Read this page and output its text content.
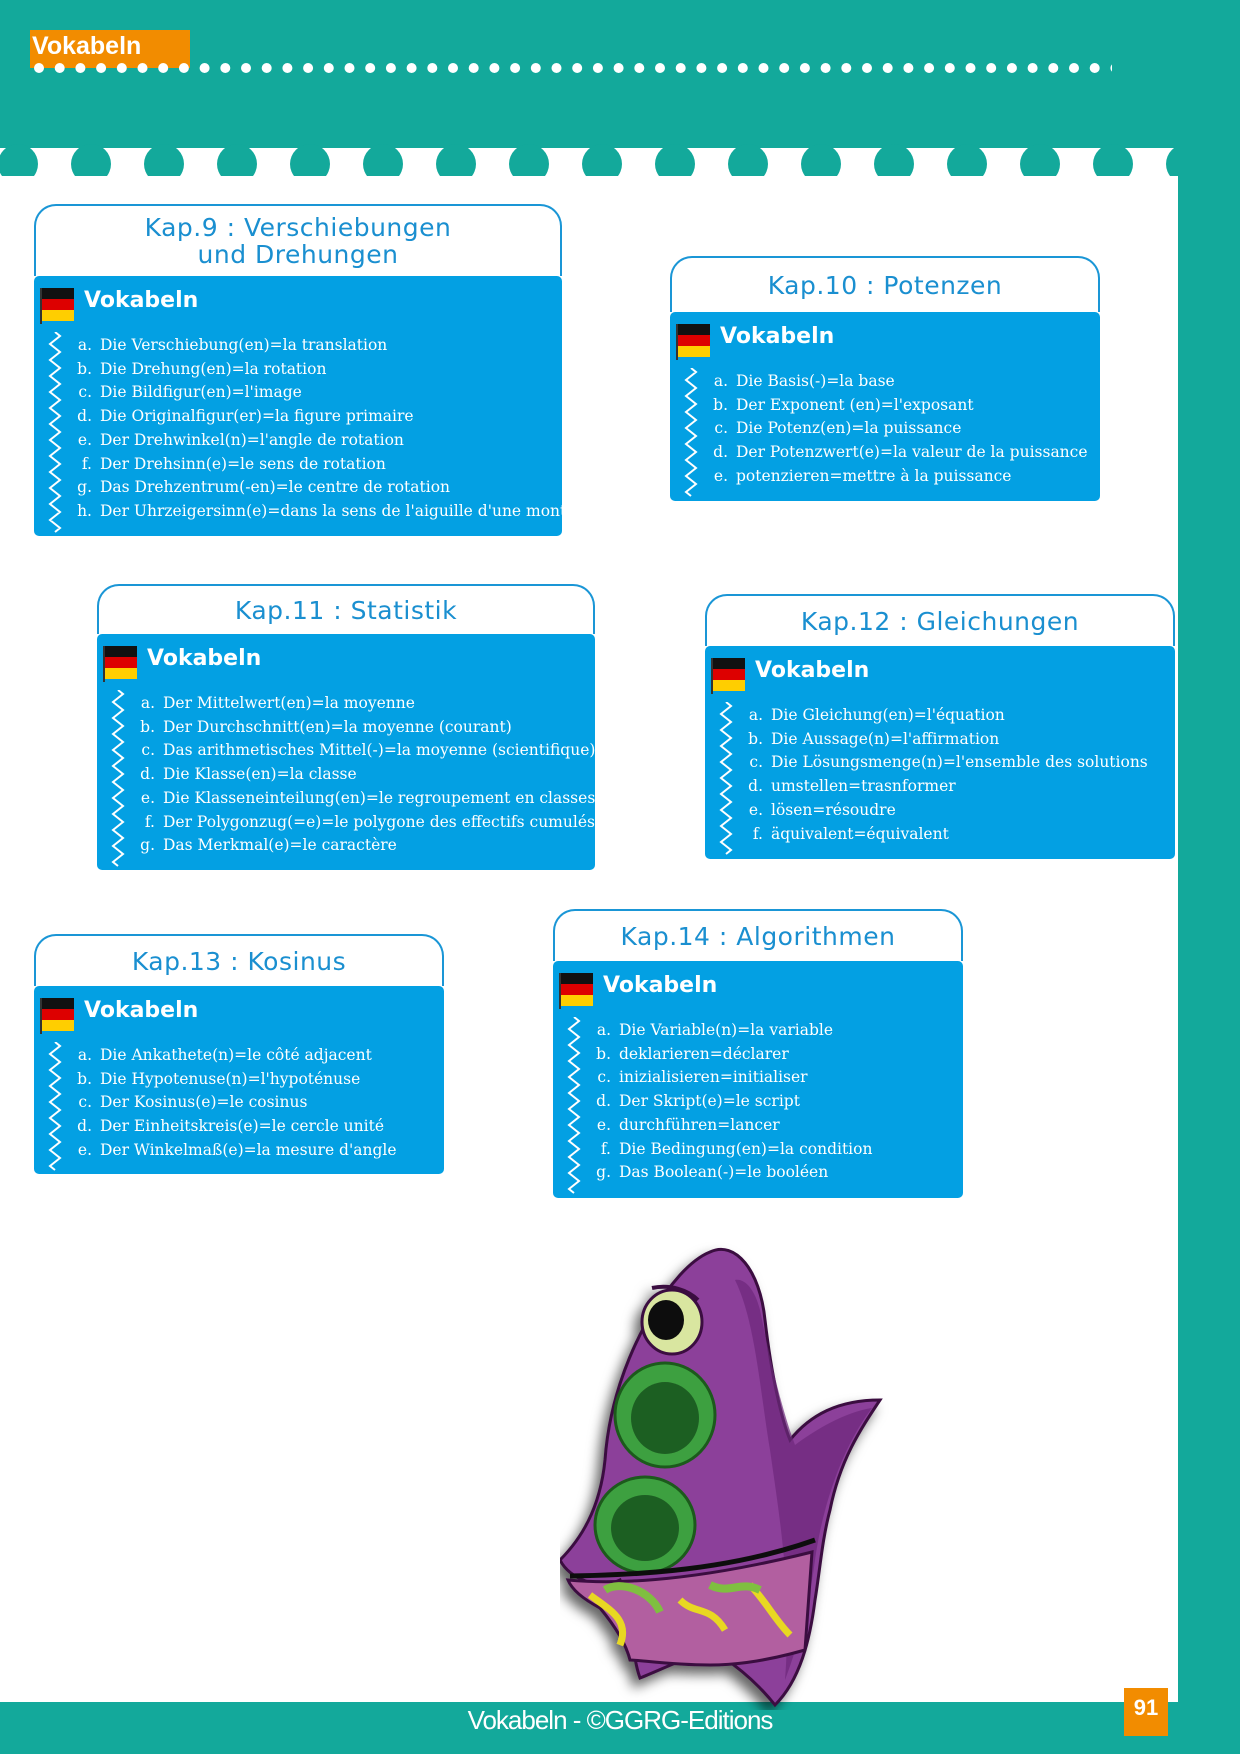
Vokabeln
Kap.9 : Verschiebungen und Drehungen
Vokabeln
a. Die Verschiebung(en)=la translation
b. Die Drehung(en)=la rotation
c. Die Bildfigur(en)=l'image
d. Die Originalfigur(er)=la figure primaire
e. Der Drehwinkel(n)=l'angle de rotation
f. Der Drehsinn(e)=le sens de rotation
g. Das Drehzentrum(-en)=le centre de rotation
h. Der Uhrzeigersinn(e)=dans la sens de l'aiguille d'une montre
Kap.10 : Potenzen
Vokabeln
a. Die Basis(-)=la base
b. Der Exponent (en)=l'exposant
c. Die Potenz(en)=la puissance
d. Der Potenzwert(e)=la valeur de la puissance
e. potenzieren=mettre à la puissance
Kap.11 : Statistik
Vokabeln
a. Der Mittelwert(en)=la moyenne
b. Der Durchschnitt(en)=la moyenne (courant)
c. Das arithmetisches Mittel(-)=la moyenne (scientifique)
d. Die Klasse(en)=la classe
e. Die Klasseneinteilung(en)=le regroupement en classes
f. Der Polygonzug(=e)=le polygone des effectifs cumulés
g. Das Merkmal(e)=le caractère
Kap.12 : Gleichungen
Vokabeln
a. Die Gleichung(en)=l'équation
b. Die Aussage(n)=l'affirmation
c. Die Lösungsmenge(n)=l'ensemble des solutions
d. umstellen=trasnformer
e. lösen=résoudre
f. äquivalent=équivalent
Kap.13 : Kosinus
Vokabeln
a. Die Ankathete(n)=le côté adjacent
b. Die Hypotenuse(n)=l'hypoténuse
c. Der Kosinus(e)=le cosinus
d. Der Einheitskreis(e)=le cercle unité
e. Der Winkelmaß(e)=la mesure d'angle
Kap.14 : Algorithmen
Vokabeln
a. Die Variable(n)=la variable
b. deklarieren=déclarer
c. inizialisieren=initialiser
d. Der Skript(e)=le script
e. durchführen=lancer
f. Die Bedingung(en)=la condition
g. Das Boolean(-)=le booléen
Vokabeln - ©GGRG-Editions	91
